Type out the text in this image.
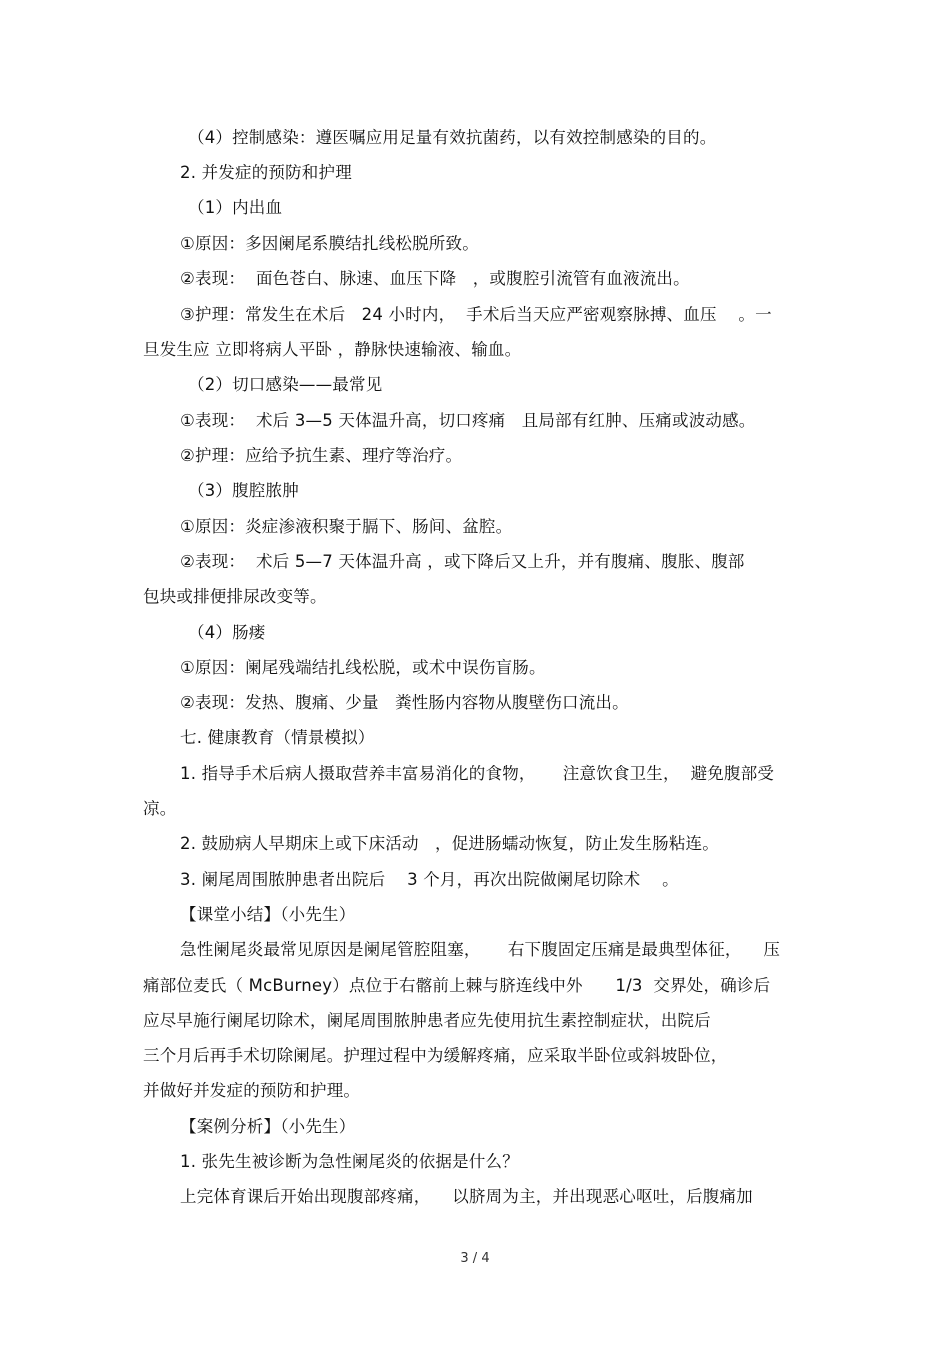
（4）控制感染：遵医嘱应用足量有效抗菌药，以有效控制感染的目的。
2. 并发症的预防和护理
（1）内出血
①原因：多因阑尾系膜结扎线松脱所致。
②表现：  面色苍白、脉速、血压下降   ，或腹腔引流管有血液流出。
③护理：常发生在术后   24 小时内，  手术后当天应严密观察脉搏、血压    。一
旦发生应 立即将病人平卧 ，静脉快速输液、输血。
（2）切口感染——最常见
①表现：  术后 3—5 天体温升高，切口疼痛   且局部有红肿、压痛或波动感。
②护理：应给予抗生素、理疗等治疗。
（3）腹腔脓肿
①原因：炎症渗液积聚于膈下、肠间、盆腔。
②表现：  术后 5—7 天体温升高 ，或下降后又上升，并有腹痛、腹胀、腹部
包块或排便排尿改变等。
（4）肠瘘
①原因：阑尾残端结扎线松脱，或术中误伤盲肠。
②表现：发热、腹痛、少量   粪性肠内容物从腹壁伤口流出。
七. 健康教育（情景模拟）
1. 指导手术后病人摄取营养丰富易消化的食物，     注意饮食卫生，  避免腹部受
凉。
2. 鼓励病人早期床上或下床活动   ，促进肠蠕动恢复，防止发生肠粘连。
3. 阑尾周围脓肿患者出院后    3 个月，再次出院做阑尾切除术    。
【课堂小结】（小先生）
急性阑尾炎最常见原因是阑尾管腔阻塞，     右下腹固定压痛是最典型体征，    压
痛部位麦氏（ McBurney）点位于右髂前上棘与脐连线中外      1/3  交界处，确诊后
应尽早施行阑尾切除术，阑尾周围脓肿患者应先使用抗生素控制症状，出院后
三个月后再手术切除阑尾。护理过程中为缓解疼痛，应采取半卧位或斜坡卧位，
并做好并发症的预防和护理。
【案例分析】（小先生）
1. 张先生被诊断为急性阑尾炎的依据是什么？
上完体育课后开始出现腹部疼痛，    以脐周为主，并出现恶心呕吐，后腹痛加
3 / 4
